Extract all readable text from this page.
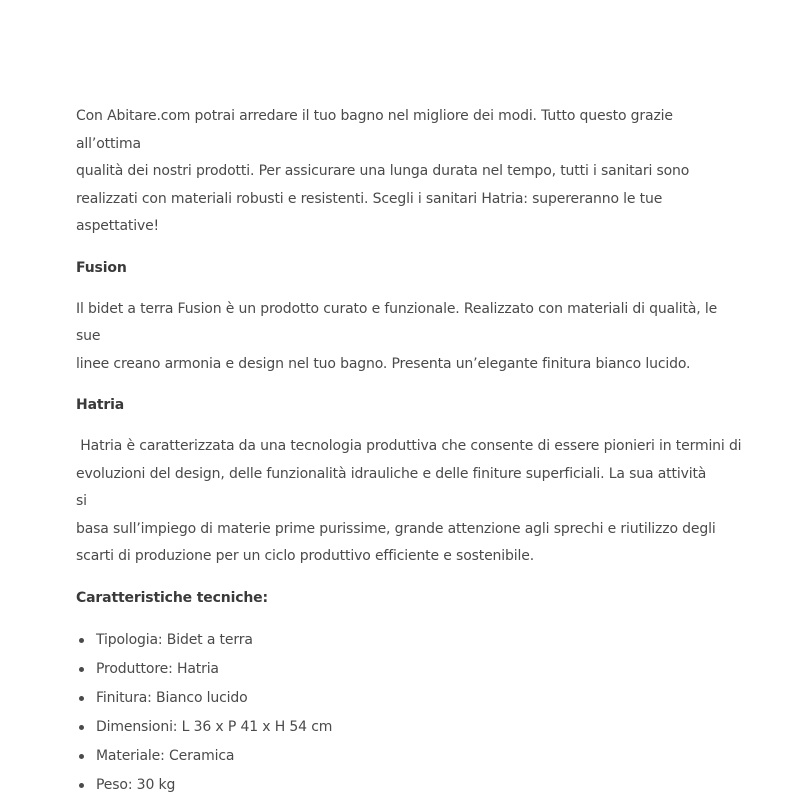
Con Abitare.com potrai arredare il tuo bagno nel migliore dei modi. Tutto questo grazie all’ottima
qualità dei nostri prodotti. Per assicurare una lunga durata nel tempo, tutti i sanitari sono
realizzati con materiali robusti e resistenti. Scegli i sanitari Hatria: supereranno le tue aspettative!

Fusion

Il bidet a terra Fusion è un prodotto curato e funzionale. Realizzato con materiali di qualità, le sue
linee creano armonia e design nel tuo bagno. Presenta un’elegante finitura bianco lucido.

Hatria

Hatria è caratterizzata da una tecnologia produttiva che consente di essere pionieri in termini di
evoluzioni del design, delle funzionalità idrauliche e delle finiture superficiali. La sua attività si
basa sull’impiego di materie prime purissime, grande attenzione agli sprechi e riutilizzo degli
scarti di produzione per un ciclo produttivo efficiente e sostenibile.

Caratteristiche tecniche:
Tipologia: Bidet a terra
Produttore: Hatria
Finitura: Bianco lucido
Dimensioni: L 36 x P 41 x H 54 cm
Materiale: Ceramica
Peso: 30 kg
